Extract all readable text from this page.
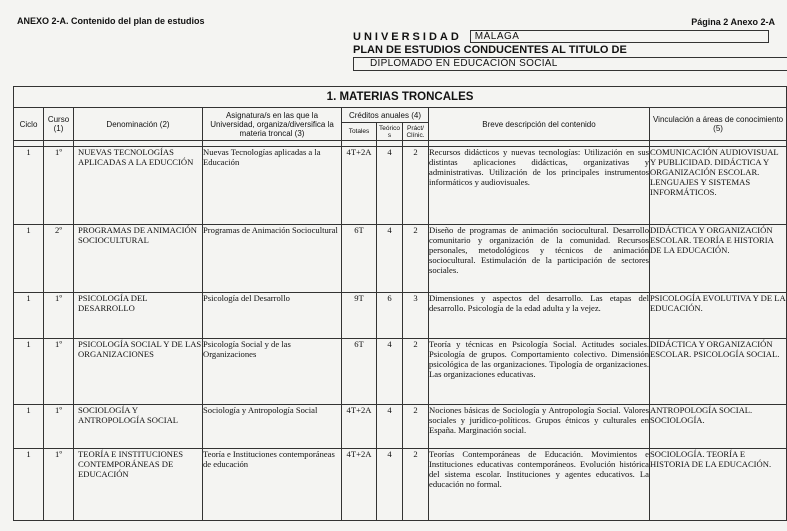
ANEXO 2-A. Contenido del plan de estudios	Página 2 Anexo 2-A
UNIVERSIDAD	MÁLAGA
PLAN DE ESTUDIOS CONDUCENTES AL TITULO DE
DIPLOMADO EN EDUCACIÓN SOCIAL
1. MATERIAS TRONCALES								
Ciclo	Curso (1)	Denominación (2)	Asignatura/s en las que la Universidad, organiza/diversifica la materia troncal (3)	Créditos anuales (4)			Breve descripción del contenido	Vinculación a áreas de conocimiento (5)
				Totales	Teórico s	Práct/ Clínic.		

1	1º	NUEVAS TECNOLOGÍAS APLICADAS A LA EDUCCIÓN	Nuevas Tecnologías aplicadas a la Educación	4T+2A	4	2	Recursos didácticos y nuevas tecnologías: Utilización en sus distintas aplicaciones didácticas, organizativas y administrativas. Utilización de los principales instrumentos informáticos y audiovisuales.	COMUNICACIÓN AUDIOVISUAL Y PUBLICIDAD. DIDÁCTICA Y ORGANIZACIÓN ESCOLAR. LENGUAJES Y SISTEMAS INFORMÁTICOS.
1	2º	PROGRAMAS DE ANIMACIÓN SOCIOCULTURAL	Programas de Animación Sociocultural	6T	4	2	Diseño de programas de animación sociocultural. Desarrollo comunitario y organización de la comunidad. Recursos personales, metodológicos y técnicos de animación sociocultural. Estimulación de la participación de sectores sociales.	DIDÁCTICA Y ORGANIZACIÓN ESCOLAR. TEORÍA E HISTORIA DE LA EDUCACIÓN.
1	1º	PSICOLOGÍA DEL DESARROLLO	Psicología del Desarrollo	9T	6	3	Dimensiones y aspectos del desarrollo. Las etapas del desarrollo. Psicología de la edad adulta y la vejez.	PSICOLOGÍA EVOLUTIVA Y DE LA EDUCACIÓN.
1	1º	PSICOLOGÍA SOCIAL Y DE LAS ORGANIZACIONES	Psicología Social y de las Organizaciones	6T	4	2	Teoría y técnicas en Psicología Social. Actitudes sociales. Psicología de grupos. Comportamiento colectivo. Dimensión psicológica de las organizaciones. Tipología de organizaciones. Las organizaciones educativas.	DIDÁCTICA Y ORGANIZACIÓN ESCOLAR. PSICOLOGÍA SOCIAL.
1	1º	SOCIOLOGÍA Y ANTROPOLOGÍA SOCIAL	Sociología y Antropología Social	4T+2A	4	2	Nociones básicas de Sociología y Antropología Social. Valores sociales y jurídico-políticos. Grupos étnicos y culturales en España. Marginación social.	ANTROPOLOGÍA SOCIAL. SOCIOLOGÍA.
1	1º	TEORÍA E INSTITUCIONES CONTEMPORÁNEAS DE EDUCACIÓN	Teoría e Instituciones contemporáneas de educación	4T+2A	4	2	Teorías Contemporáneas de Educación. Movimientos e Instituciones educativas contemporáneos. Evolución histórica del sistema escolar. Instituciones y agentes educativos. La educación no formal.	SOCIOLOGÍA. TEORÍA E HISTORIA DE LA EDUCACIÓN.
